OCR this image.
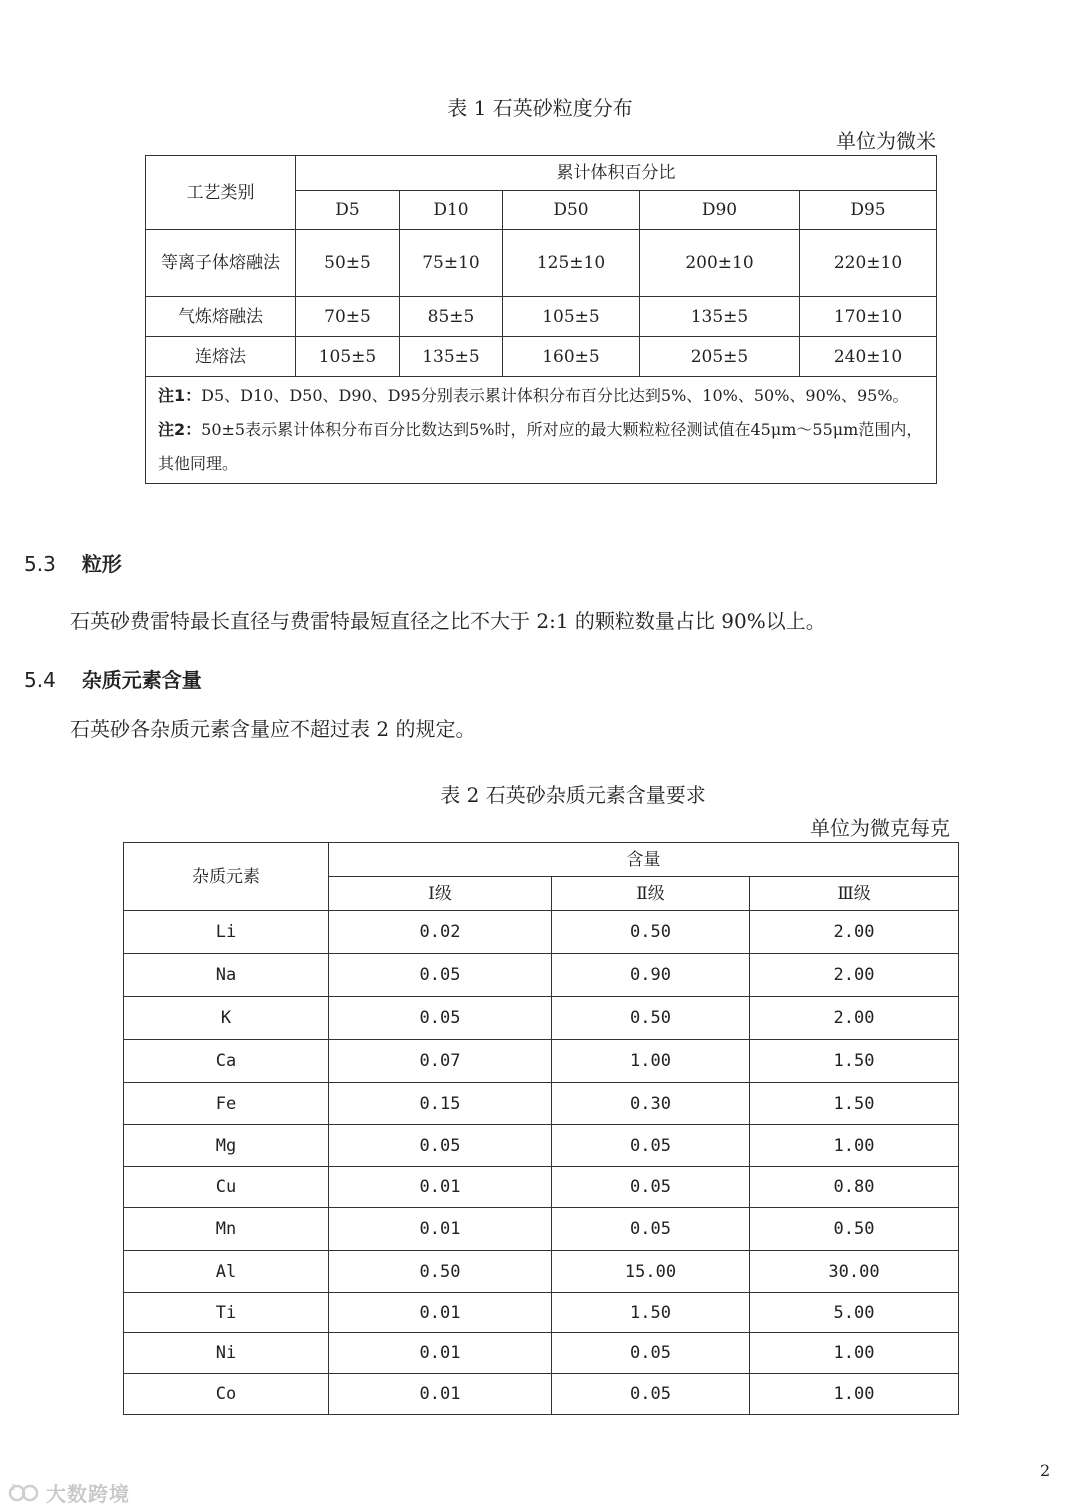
表 1 石英砂粒度分布
单位为微米
工艺类别	累计体积百分比				
	D5	D10	D50	D90	D95
等离子体熔融法	50±5	75±10	125±10	200±10	220±10
气炼熔融法	70±5	85±5	105±5	135±5	170±10
连熔法	105±5	135±5	160±5	205±5	240±10

注1：D5、D10、D50、D90、D95分别表示累计体积分布百分比达到5%、10%、50%、90%、95%。
注2：50±5表示累计体积分布百分比数达到5%时，所对应的最大颗粒粒径测试值在45μm～55μm范围内，其他同理。					
5.3 粒形
石英砂费雷特最长直径与费雷特最短直径之比不大于 2:1 的颗粒数量占比 90%以上。
5.4 杂质元素含量
石英砂各杂质元素含量应不超过表 2 的规定。
表 2 石英砂杂质元素含量要求
单位为微克每克
杂质元素	含量		
	Ⅰ级	Ⅱ级	Ⅲ级
Li	0.02	0.50	2.00
Na	0.05	0.90	2.00
K	0.05	0.50	2.00
Ca	0.07	1.00	1.50
Fe	0.15	0.30	1.50
Mg	0.05	0.05	1.00
Cu	0.01	0.05	0.80
Mn	0.01	0.05	0.50
Al	0.50	15.00	30.00
Ti	0.01	1.50	5.00
Ni	0.01	0.05	1.00
Co	0.01	0.05	1.00
2
1 大数跨境
